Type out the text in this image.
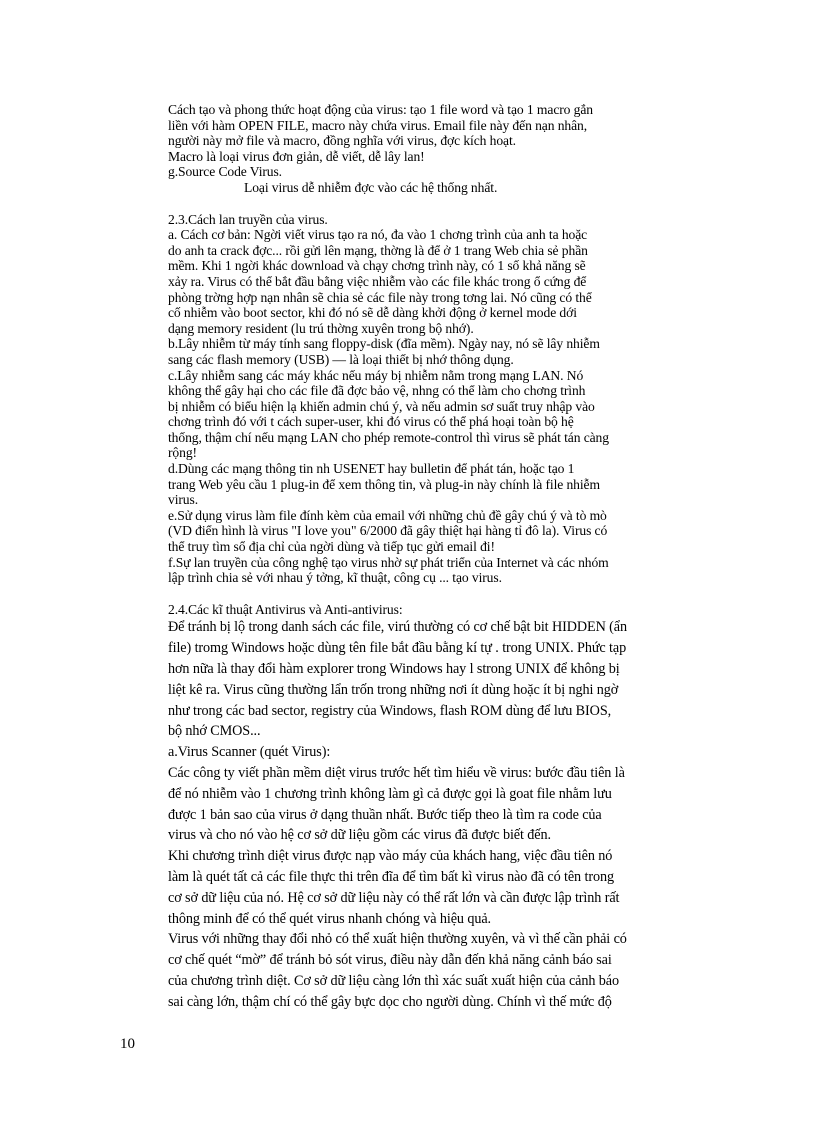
Cách tạo và phong thức hoạt động của virus: tạo 1 file word và tạo 1 macro gắn
liền với hàm OPEN FILE, macro này chứa virus. Email file này đến nạn nhân,
người này mở file và macro, đồng nghĩa với virus, đợc kích hoạt.
Macro là loại virus đơn giản, dễ viết, dễ lây lan!
g.Source Code Virus.
Loại virus dễ nhiễm đợc vào các hệ thống nhất.
2.3.Cách lan truyền của virus.
a. Cách cơ bản: Ngời viết virus tạo ra nó, đa vào 1 chơng trình của anh ta hoặc
do anh ta crack đợc... rồi gửi lên mạng, thờng là để ở 1 trang Web chia sẻ phần
mềm. Khi 1 ngời khác download và chạy chơng trình này, có 1 số khả năng sẽ
xảy ra. Virus có thể bắt đầu bằng việc nhiễm vào các file khác trong ổ cứng để
phòng trờng hợp nạn nhân sẽ chia sẻ các file này trong tơng lai. Nó cũng có thể
cố nhiễm vào boot sector, khi đó nó sẽ dễ dàng khởi động ở kernel mode dới
dạng memory resident (lu trú thờng xuyên trong bộ nhớ).
b.Lây nhiễm từ máy tính sang floppy-disk (đĩa mềm). Ngày nay, nó sẽ lây nhiễm
sang các flash memory (USB) — là loại thiết bị nhớ thông dụng.
c.Lây nhiễm sang các máy khác nếu máy bị nhiễm nằm trong mạng LAN. Nó
không thể gây hại cho các file đã đợc bảo vệ, nhng có thể làm cho chơng trình
bị nhiễm có biểu hiện lạ khiến admin chú ý, và nếu admin sơ suất truy nhập vào
chơng trình đó với t cách super-user, khi đó virus có thể phá hoại toàn bộ hệ
thống, thậm chí nếu mạng LAN cho phép remote-control thì virus sẽ phát tán càng
rộng!
d.Dùng các mạng thông tin nh USENET hay bulletin để phát tán, hoặc tạo 1
trang Web yêu cầu 1 plug-in để xem thông tin, và plug-in này chính là file nhiễm
virus.
e.Sử dụng virus làm file đính kèm của email với những chủ đề gây chú ý và tò mò
(VD điển hình là virus "I love you" 6/2000 đã gây thiệt hại hàng tỉ đô la). Virus có
thể truy tìm sổ địa chỉ của ngời dùng và tiếp tục gửi email đi!
f.Sự lan truyền của công nghệ tạo virus nhờ sự phát triển của Internet và các nhóm
lập trình chia sẻ với nhau ý tởng, kĩ thuật, công cụ ... tạo virus.
2.4.Các kĩ thuật Antivirus và Anti-antivirus:
Để tránh bị lộ trong danh sách các file, virú thường có cơ chế bật bit HIDDEN (ẩn
file) tromg Windows hoặc dùng tên file bắt đầu bằng kí tự . trong UNIX. Phức tạp
hơn nữa là thay đổi hàm explorer trong Windows hay l strong UNIX để không bị
liệt kê ra. Virus cũng thường lẩn trốn trong những nơi ít dùng hoặc ít bị nghi ngờ
như trong các bad sector, registry của Windows, flash ROM dùng để lưu BIOS,
bộ nhớ CMOS...
a.Virus Scanner (quét Virus):
Các công ty viết phần mềm diệt virus trước hết tìm hiểu về virus: bước đầu tiên là
để nó nhiễm vào 1 chương trình không làm gì cả được gọi là goat file nhằm lưu
được 1 bản sao của virus ở dạng thuần nhất. Bước tiếp theo là tìm ra code của
virus và cho nó vào hệ cơ sở dữ liệu gồm các virus đã được biết đến.
Khi chương trình diệt virus được nạp vào máy của khách hang, việc đầu tiên nó
làm là quét tất cả các file thực thi trên đĩa để tìm bất kì virus nào đã có tên trong
cơ sở dữ liệu của nó. Hệ cơ sở dữ liệu này có thể rất lớn và cần được lập trình rất
thông minh để có thể quét virus nhanh chóng và hiệu quả.
Virus với những thay đổi nhỏ có thể xuất hiện thường xuyên, và vì thế cần phải có
cơ chế quét “mờ” để tránh bỏ sót virus, điều này dẫn đến khả năng cảnh báo sai
của chương trình diệt. Cơ sở dữ liệu càng lớn thì xác suất xuất hiện của cảnh báo
sai càng lớn, thậm chí có thể gây bực dọc cho người dùng. Chính vì thế mức độ
10
